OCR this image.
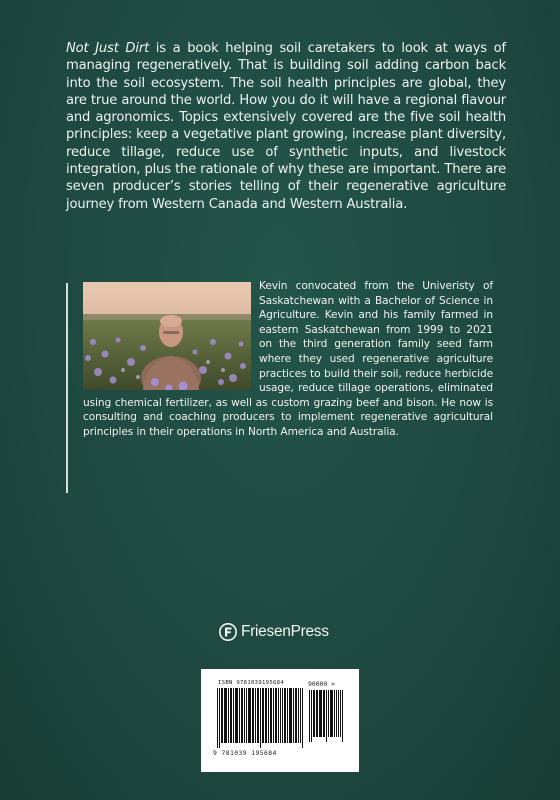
Not Just Dirt is a book helping soil caretakers to look at ways of managing regeneratively. That is building soil adding carbon back into the soil ecosystem. The soil health principles are global, they are true around the world. How you do it will have a regional flavour and agronomics. Topics extensively covered are the five soil health principles: keep a vegetative plant growing, increase plant diversity, reduce tillage, reduce use of synthetic inputs, and livestock integration, plus the rationale of why these are important. There are seven producer’s stories telling of their regenerative agriculture journey from Western Canada and Western Australia.

Kevin convocated from the Univeristy of Saskatchewan with a Bachelor of Science in Agriculture. Kevin and his family farmed in eastern Saskatchewan from 1999 to 2021 on the third generation family seed farm where they used regenerative agriculture practices to build their soil, reduce herbicide usage, reduce tillage operations, eliminated using chemical fertilizer, as well as custom grazing beef and bison. He now is consulting and coaching producers to implement regenerative agricultural principles in their operations in North America and Australia.

FriesenPress
ISBN 9781039195684	90000 >
9 781039 195684
